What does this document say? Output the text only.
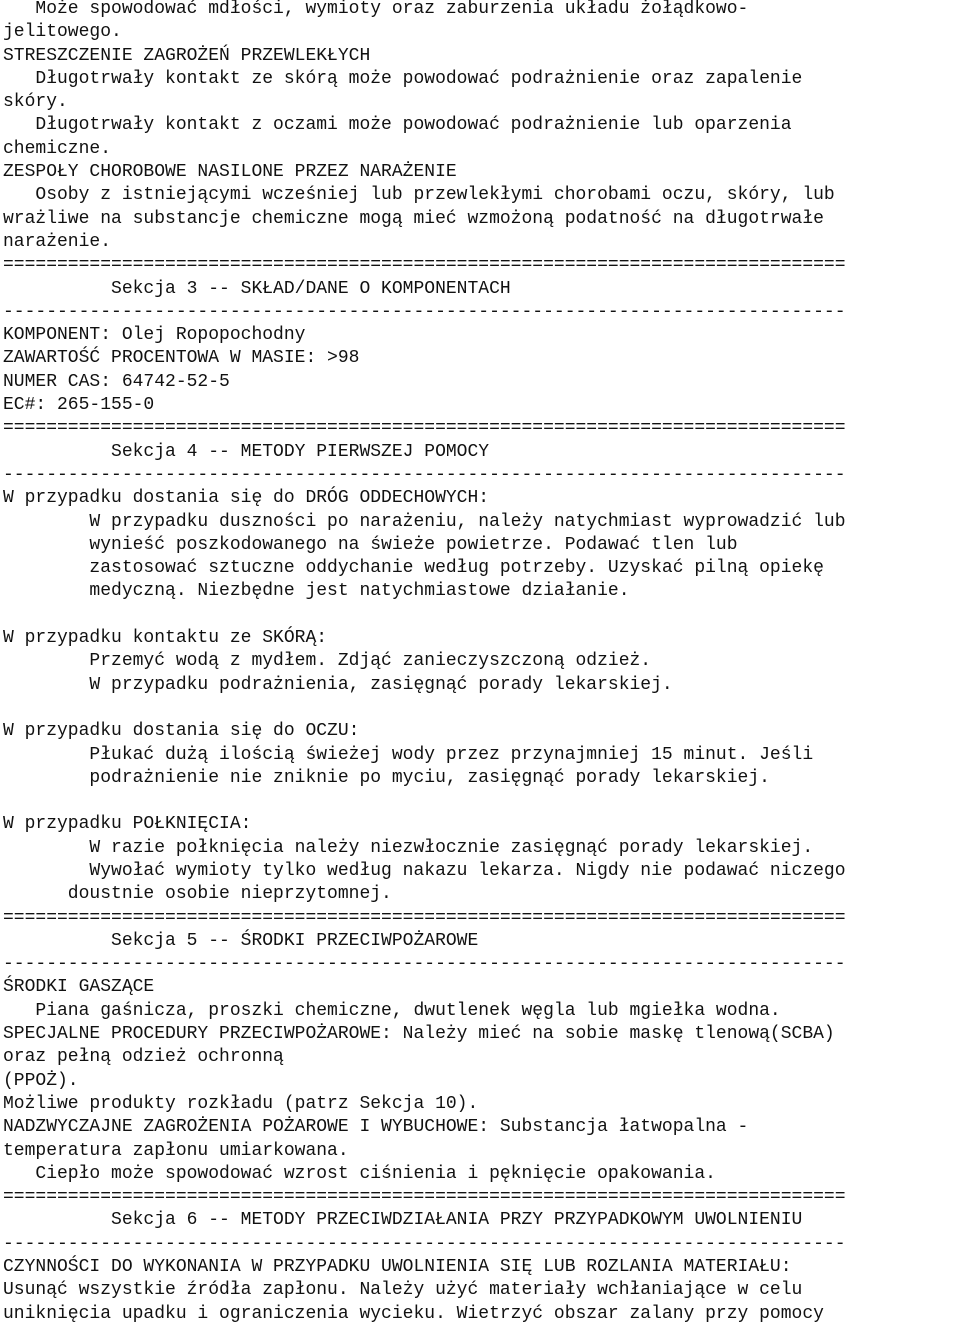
Może spowodować mdłości, wymioty oraz zaburzenia układu żołądkowo-
jelitowego.
STRESZCZENIE ZAGROŻEŃ PRZEWLEKŁYCH
Długotrwały kontakt ze skórą może powodować podrażnienie oraz zapalenie
skóry.
Długotrwały kontakt z oczami może powodować podrażnienie lub oparzenia
chemiczne.
ZESPOŁY CHOROBOWE NASILONE PRZEZ NARAŻENIE
Osoby z istniejącymi wcześniej lub przewlekłymi chorobami oczu, skóry, lub
wrażliwe na substancje chemiczne mogą mieć wzmożoną podatność na długotrwałe
narażenie.
==============================================================================
Sekcja 3 -- SKŁAD/DANE O KOMPONENTACH
------------------------------------------------------------------------------
KOMPONENT: Olej Ropopochodny
ZAWARTOŚĆ PROCENTOWA W MASIE: >98
NUMER CAS: 64742-52-5
EC#: 265-155-0
==============================================================================
Sekcja 4 -- METODY PIERWSZEJ POMOCY
------------------------------------------------------------------------------
W przypadku dostania się do DRÓG ODDECHOWYCH:
W przypadku duszności po narażeniu, należy natychmiast wyprowadzić lub
wynieść poszkodowanego na świeże powietrze. Podawać tlen lub
zastosować sztuczne oddychanie według potrzeby. Uzyskać pilną opiekę
medyczną. Niezbędne jest natychmiastowe działanie.
W przypadku kontaktu ze SKÓRĄ:
Przemyć wodą z mydłem. Zdjąć zanieczyszczoną odzież.
W przypadku podrażnienia, zasięgnąć porady lekarskiej.
W przypadku dostania się do OCZU:
Płukać dużą ilością świeżej wody przez przynajmniej 15 minut. Jeśli
podrażnienie nie zniknie po myciu, zasięgnąć porady lekarskiej.
W przypadku POŁKNIĘCIA:
W razie połknięcia należy niezwłocznie zasięgnąć porady lekarskiej.
Wywołać wymioty tylko według nakazu lekarza. Nigdy nie podawać niczego
doustnie osobie nieprzytomnej.
==============================================================================
Sekcja 5 -- ŚRODKI PRZECIWPOŻAROWE
------------------------------------------------------------------------------
ŚRODKI GASZĄCE
Piana gaśnicza, proszki chemiczne, dwutlenek węgla lub mgiełka wodna.
SPECJALNE PROCEDURY PRZECIWPOŻAROWE: Należy mieć na sobie maskę tlenową(SCBA)
oraz pełną odzież ochronną
(PPOŻ).
Możliwe produkty rozkładu (patrz Sekcja 10).
NADZWYCZAJNE ZAGROŻENIA POŻAROWE I WYBUCHOWE: Substancja łatwopalna -
temperatura zapłonu umiarkowana.
Ciepło może spowodować wzrost ciśnienia i pęknięcie opakowania.
==============================================================================
Sekcja 6 -- METODY PRZECIWDZIAŁANIA PRZY PRZYPADKOWYM UWOLNIENIU
------------------------------------------------------------------------------
CZYNNOŚCI DO WYKONANIA W PRZYPADKU UWOLNIENIA SIĘ LUB ROZLANIA MATERIAŁU:
Usunąć wszystkie źródła zapłonu. Należy użyć materiały wchłaniające w celu
uniknięcia upadku i ograniczenia wycieku. Wietrzyć obszar zalany przy pomocy
